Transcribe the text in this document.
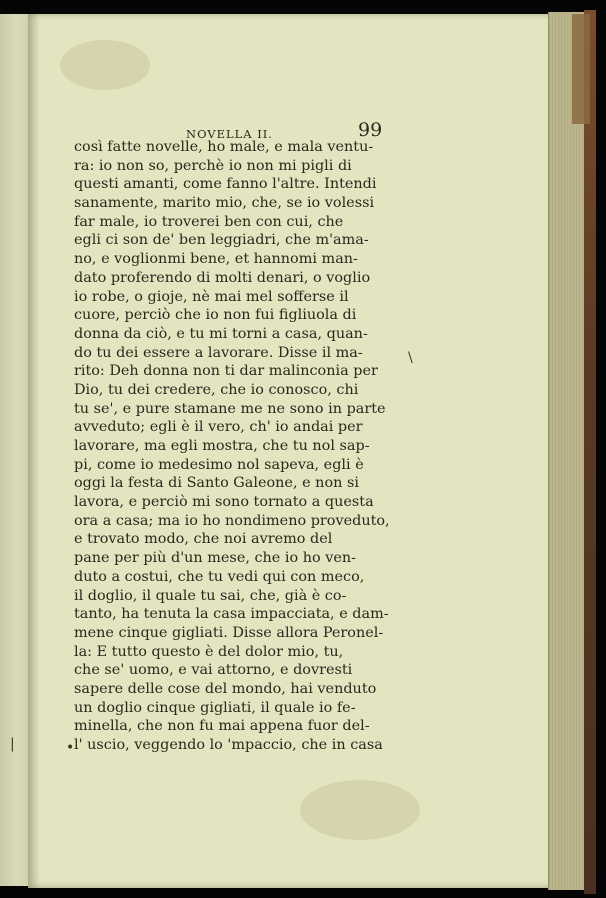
NOVELLA II.	99
così fatte novelle, ho male, e mala ventu-
ra: io non so, perchè io non mi pigli di
questi amanti, come fanno l'altre. Intendi
sanamente, marito mio, che, se io volessi
far male, io troverei ben con cui, che
egli ci son de' ben leggiadri, che m'ama-
no, e voglionmi bene, et hannomi man-
dato proferendo di molti denari, o voglio
io robe, o gioje, nè mai mel sofferse il
cuore, perciò che io non fui figliuola di
donna da ciò, e tu mi torni a casa, quan-
do tu dei essere a lavorare. Disse il ma-
rito: Deh donna non ti dar malinconia per
Dio, tu dei credere, che io conosco, chi
tu se', e pure stamane me ne sono in parte
avveduto; egli è il vero, ch' io andai per
lavorare, ma egli mostra, che tu nol sap-
pi, come io medesimo nol sapeva, egli è
oggi la festa di Santo Galeone, e non si
lavora, e perciò mi sono tornato a questa
ora a casa; ma io ho nondimeno proveduto,
e trovato modo, che noi avremo del
pane per più d'un mese, che io ho ven-
duto a costui, che tu vedi qui con meco,
il doglio, il quale tu sai, che, già è co-
tanto, ha tenuta la casa impacciata, e dam-
mene cinque gigliati. Disse allora Peronel-
la: E tutto questo è del dolor mio, tu,
che se' uomo, e vai attorno, e dovresti
sapere delle cose del mondo, hai venduto
un doglio cinque gigliati, il quale io fe-
minella, che non fu mai appena fuor del-
l' uscio, veggendo lo 'mpaccio, che in casa
\
|	•
